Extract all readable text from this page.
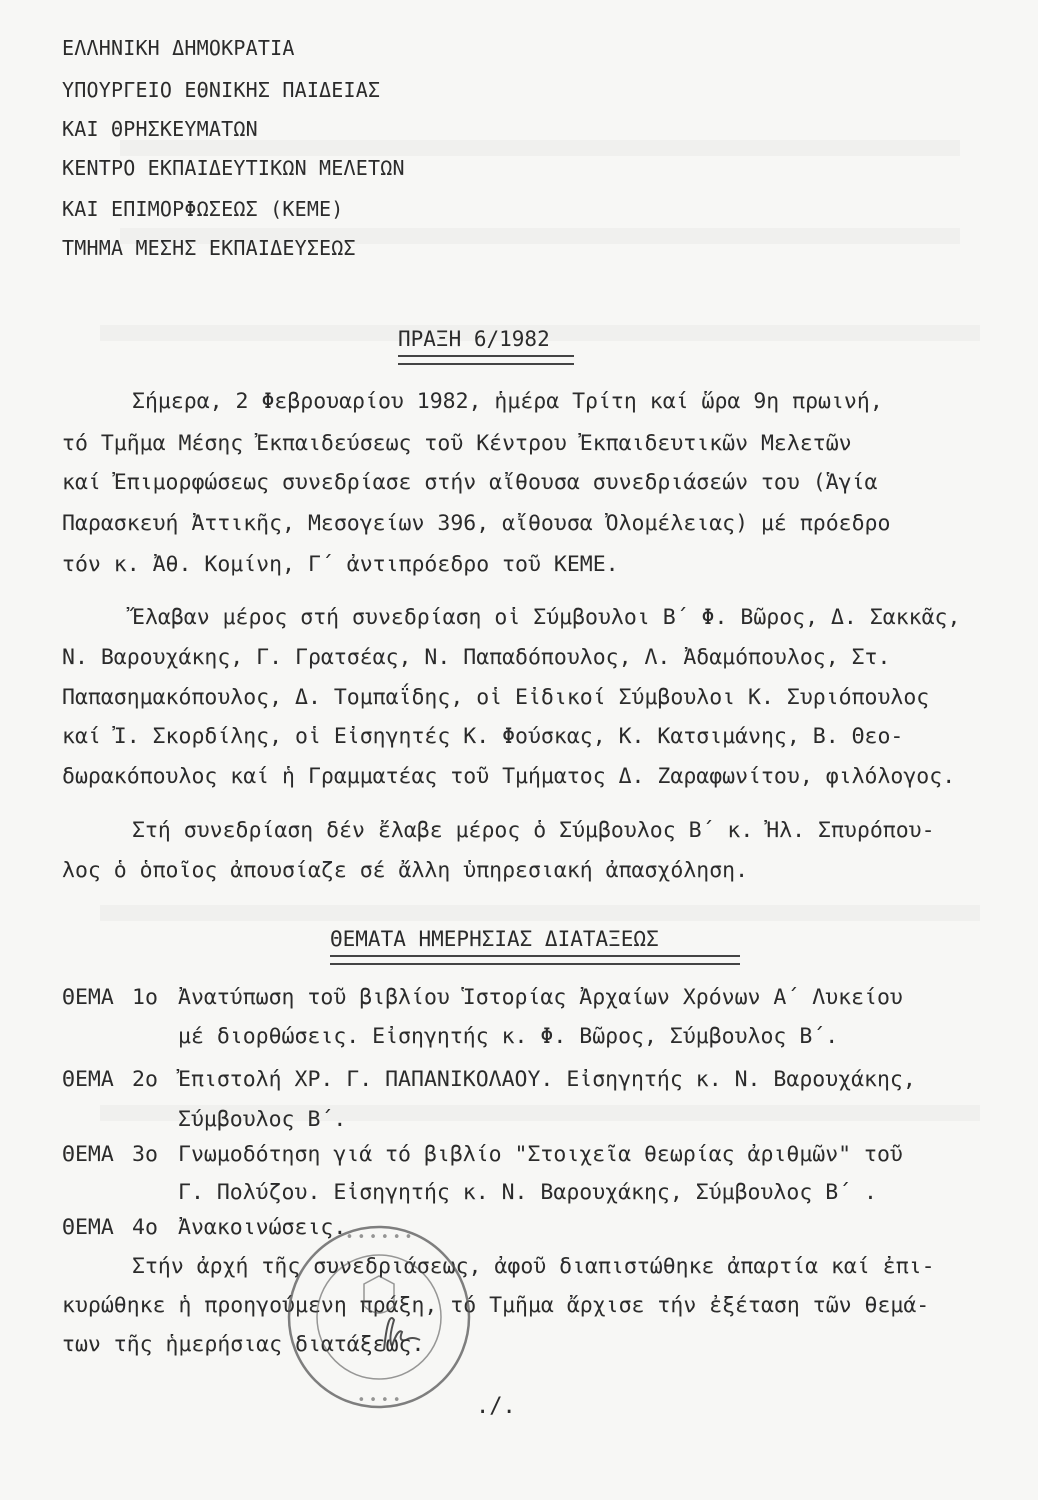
ΕΛΛΗΝΙΚΗ ΔΗΜΟΚΡΑΤΙΑ
ΥΠΟΥΡΓΕΙΟ ΕΘΝΙΚΗΣ ΠΑΙΔΕΙΑΣ
ΚΑΙ ΘΡΗΣΚΕΥΜΑΤΩΝ
ΚΕΝΤΡΟ ΕΚΠΑΙΔΕΥΤΙΚΩΝ ΜΕΛΕΤΩΝ
ΚΑΙ ΕΠΙΜΟΡΦΩΣΕΩΣ (ΚΕΜΕ)
ΤΜΗΜΑ ΜΕΣΗΣ ΕΚΠΑΙΔΕΥΣΕΩΣ
ΠΡΑΞΗ 6/1982
Σήμερα, 2 Φεβρουαρίου 1982, ἡμέρα Τρίτη καί ὥρα 9η πρωινή,
τό Τμῆμα Μέσης Ἐκπαιδεύσεως τοῦ Κέντρου Ἐκπαιδευτικῶν Μελετῶν
καί Ἐπιμορφώσεως συνεδρίασε στήν αἴθουσα συνεδριάσεών του (Ἁγία
Παρασκευή Ἀττικῆς, Μεσογείων 396, αἴθουσα Ὀλομέλειας) μέ πρόεδρο
τόν κ. Ἀθ. Κομίνη, Γ΄ ἀντιπρόεδρο τοῦ ΚΕΜΕ.
Ἔλαβαν μέρος στή συνεδρίαση οἱ Σύμβουλοι Β΄ Φ. Βῶρος, Δ. Σακκᾶς,
Ν. Βαρουχάκης, Γ. Γρατσέας, Ν. Παπαδόπουλος, Λ. Ἀδαμόπουλος, Στ.
Παπασημακόπουλος, Δ. Τομπαΐδης, οἱ Εἰδικοί Σύμβουλοι Κ. Συριόπουλος
καί Ἰ. Σκορδίλης, οἱ Εἰσηγητές Κ. Φούσκας, Κ. Κατσιμάνης, Β. Θεο-
δωρακόπουλος καί ἡ Γραμματέας τοῦ Τμήματος Δ. Ζαραφωνίτου, φιλόλογος.
Στή συνεδρίαση δέν ἔλαβε μέρος ὁ Σύμβουλος Β΄ κ. Ἠλ. Σπυρόπου-
λος ὁ ὁποῖος ἀπουσίαζε σέ ἄλλη ὑπηρεσιακή ἀπασχόληση.
ΘΕΜΑΤΑ ΗΜΕΡΗΣΙΑΣ ΔΙΑΤΑΞΕΩΣ
ΘΕΜΑ 1ο Ἀνατύπωση τοῦ βιβλίου Ἱστορίας Ἀρχαίων Χρόνων Α΄ Λυκείου
μέ διορθώσεις. Εἰσηγητής κ. Φ. Βῶρος, Σύμβουλος Β΄.
ΘΕΜΑ 2ο Ἐπιστολή ΧΡ. Γ. ΠΑΠΑΝΙΚΟΛΑΟΥ. Εἰσηγητής κ. Ν. Βαρουχάκης,
Σύμβουλος Β΄.
ΘΕΜΑ 3ο Γνωμοδότηση γιά τό βιβλίο "Στοιχεῖα θεωρίας ἀριθμῶν" τοῦ
Γ. Πολύζου. Εἰσηγητής κ. Ν. Βαρουχάκης, Σύμβουλος Β΄ .
ΘΕΜΑ 4ο Ἀνακοινώσεις.
Στήν ἀρχή τῆς συνεδριάσεως, ἀφοῦ διαπιστώθηκε ἀπαρτία καί ἐπι-
κυρώθηκε ἡ προηγούμενη πράξη, τό Τμῆμα ἄρχισε τήν ἐξέταση τῶν θεμά-
των τῆς ἡμερήσιας διατάξεως.
• • • • • •
• • • •	./.
